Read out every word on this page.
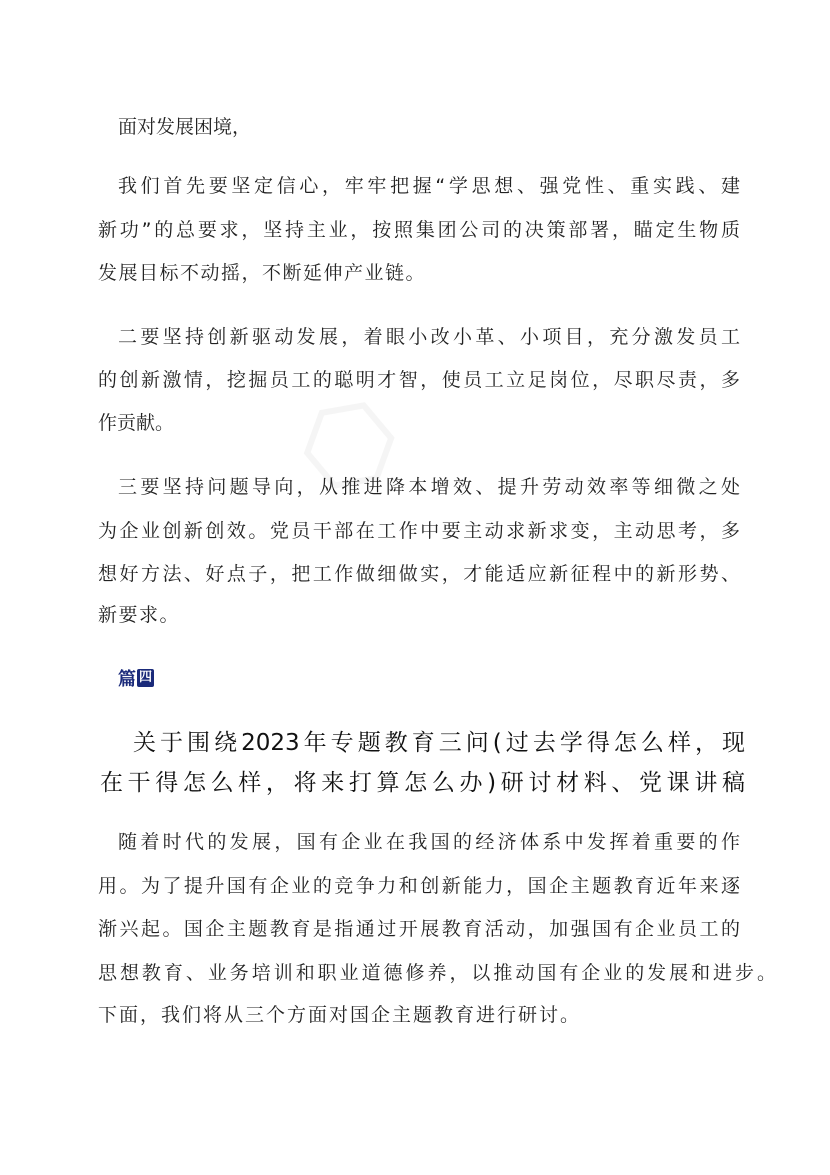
面对发展困境，
我们首先要坚定信心，牢牢把握“学思想、强党性、重实践、建
新功”的总要求，坚持主业，按照集团公司的决策部署，瞄定生物质
发展目标不动摇，不断延伸产业链。
二要坚持创新驱动发展，着眼小改小革、小项目，充分激发员工
的创新激情，挖掘员工的聪明才智，使员工立足岗位，尽职尽责，多
作贡献。
三要坚持问题导向，从推进降本增效、提升劳动效率等细微之处
为企业创新创效。党员干部在工作中要主动求新求变，主动思考，多
想好方法、好点子，把工作做细做实，才能适应新征程中的新形势、
新要求。
篇 四
关于围绕2023年专题教育三问(过去学得怎么样，现
在干得怎么样，将来打算怎么办)研讨材料、党课讲稿
随着时代的发展，国有企业在我国的经济体系中发挥着重要的作
用。为了提升国有企业的竞争力和创新能力，国企主题教育近年来逐
渐兴起。国企主题教育是指通过开展教育活动，加强国有企业员工的
思想教育、业务培训和职业道德修养，以推动国有企业的发展和进步。
下面，我们将从三个方面对国企主题教育进行研讨。
